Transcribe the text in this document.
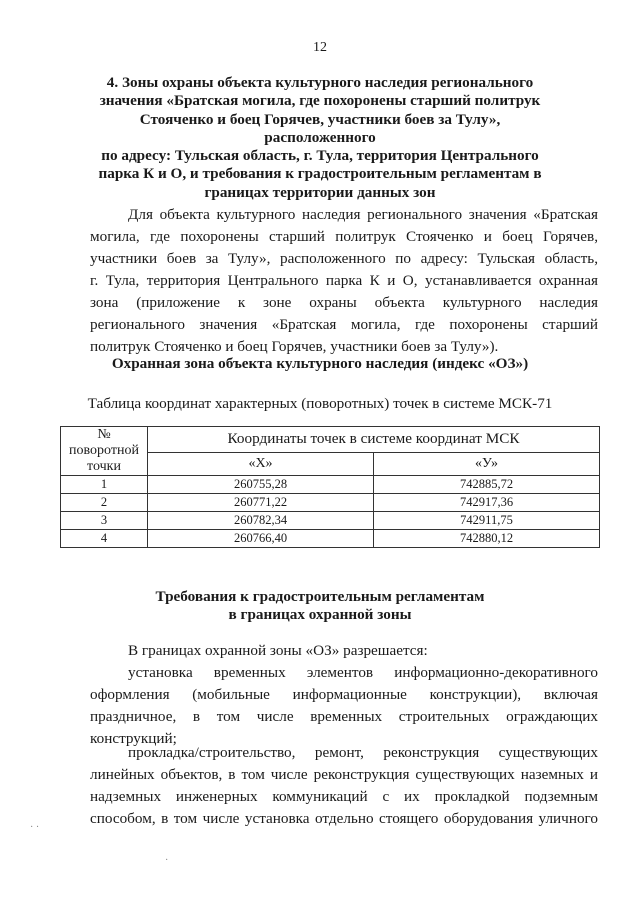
12
4. Зоны охраны объекта культурного наследия регионального
значения «Братская могила, где похоронены старший политрук
Стояченко и боец Горячев, участники боев за Тулу», расположенного
по адресу: Тульская область, г. Тула, территория Центрального
парка К и О, и требования к градостроительным регламентам в
границах территории данных зон
Для объекта культурного наследия регионального значения «Братская
могила, где похоронены старший политрук Стояченко и боец Горячев,
участники боев за Тулу», расположенного по адресу: Тульская область,
г. Тула, территория Центрального парка К и О, устанавливается охранная
зона (приложение к зоне охраны объекта культурного наследия
регионального значения «Братская могила, где похоронены старший
политрук Стояченко и боец Горячев, участники боев за Тулу»).
Охранная зона объекта культурного наследия (индекс «ОЗ»)
Таблица координат характерных (поворотных) точек в системе МСК-71
№
поворотной
точки	Координаты точек в системе координат МСК	
	«X»	«У»
1	260755,28	742885,72
2	260771,22	742917,36
3	260782,34	742911,75
4	260766,40	742880,12
Требования к градостроительным регламентам
в границах охранной зоны
В границах охранной зоны «ОЗ» разрешается:
установка временных элементов информационно-декоративного
оформления (мобильные информационные конструкции), включая
праздничное, в том числе временных строительных ограждающих
конструкций;
прокладка/строительство, ремонт, реконструкция существующих
линейных объектов, в том числе реконструкция существующих наземных и
надземных инженерных коммуникаций с их прокладкой подземным
способом, в том числе установка отдельно стоящего оборудования уличного
· ·
·
